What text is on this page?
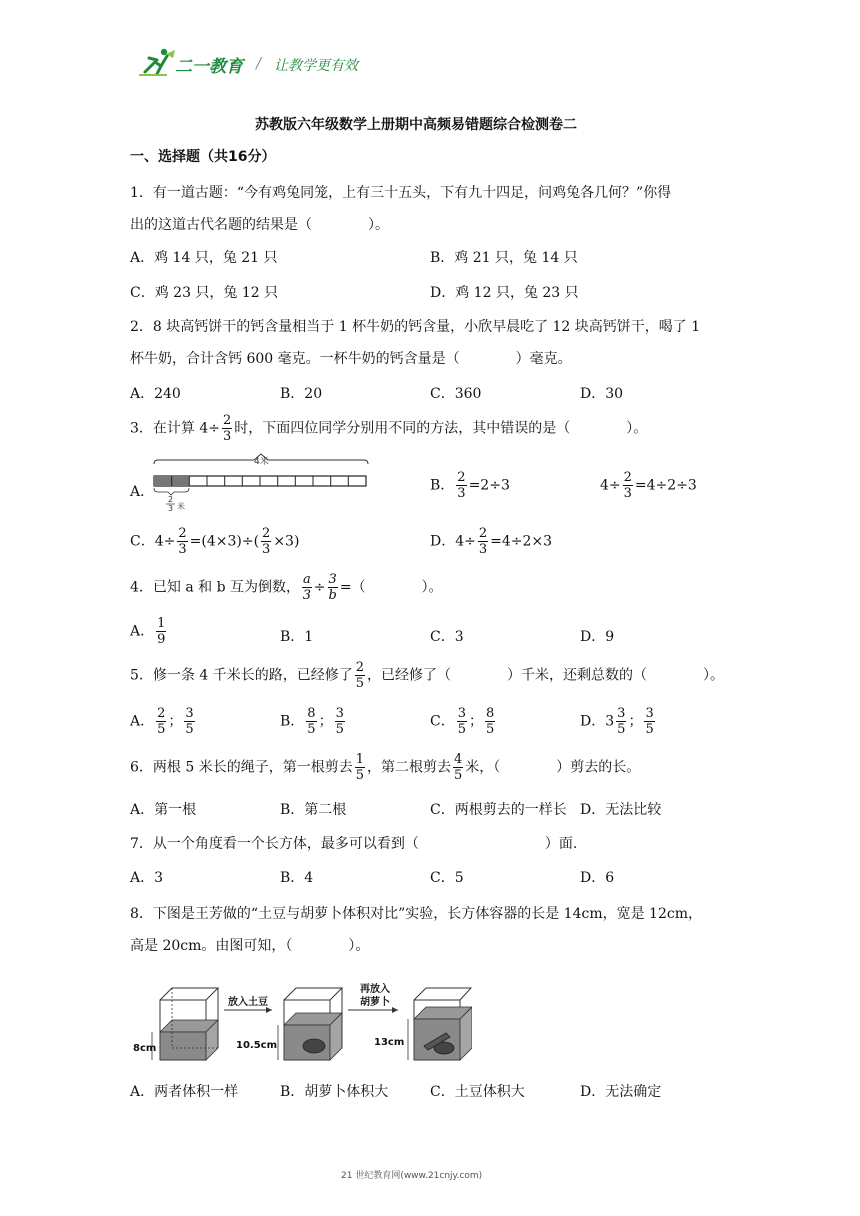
二一教育 / 让教学更有效
苏教版六年级数学上册期中高频易错题综合检测卷二
一、选择题（共16分）
1．有一道古题：“今有鸡兔同笼，上有三十五头，下有九十四足，问鸡兔各几何？”你得
出的这道古代名题的结果是（　　　　）。
A．鸡 14 只，兔 21 只	B．鸡 21 只，兔 14 只
C．鸡 23 只，兔 12 只	D．鸡 12 只，兔 23 只
2．8 块高钙饼干的钙含量相当于 1 杯牛奶的钙含量，小欣早晨吃了 12 块高钙饼干，喝了 1
杯牛奶，合计含钙 600 毫克。一杯牛奶的钙含量是（　　　　）毫克。
A．240	B．20	C．360	D．30
3．在计算 $4\div \frac{2}{3}$ 时，下面四位同学分别用不同的方法，其中错误的是（　　　　）。
A．
4米
2
3 米
B． $\frac{2}{3} =2\div 3$	$4\div \frac{2}{3} =4\div 2\div 3$
C．$4\div \frac{2}{3} =(4\times 3)\div( \frac{2}{3} \times 3)$	D．$4\div \frac{2}{3} =4\div 2\times 3$
4．已知 a 和 b 互为倒数， $\frac{a}{3} \div \frac{3}{b}$ =（　　　　）。
A． $\frac{1}{9}$	B．1	C．3	D．9
5．修一条 4 千米长的路，已经修了 $\frac{2}{5}$ ，已经修了（　　　　）千米，还剩总数的（　　　　）。
A． $\frac{2}{5}$ ； $\frac{3}{5}$	B． $\frac{8}{5}$ ； $\frac{3}{5}$	C． $\frac{3}{5}$ ； $\frac{8}{5}$	D．$3 \frac{3}{5}$ ； $\frac{3}{5}$
6．两根 5 米长的绳子，第一根剪去 $\frac{1}{5}$ ，第二根剪去 $\frac{4}{5}$ 米，（　　　　）剪去的长。
A．第一根	B．第二根	C．两根剪去的一样长 D．无法比较
7．从一个角度看一个长方体，最多可以看到（　　　　　　　　　）面.
A．3	B．4	C．5	D．6
8．下图是王芳做的“土豆与胡萝卜体积对比”实验，长方体容器的长是 14cm，宽是 12cm，
高是 20cm。由图可知，（　　　　）。
8cm
放入土豆
10.5cm
再放入
胡萝卜
13cm
A．两者体积一样	B．胡萝卜体积大	C．土豆体积大	D．无法确定
21 世纪教育网(www.21cnjy.com)
